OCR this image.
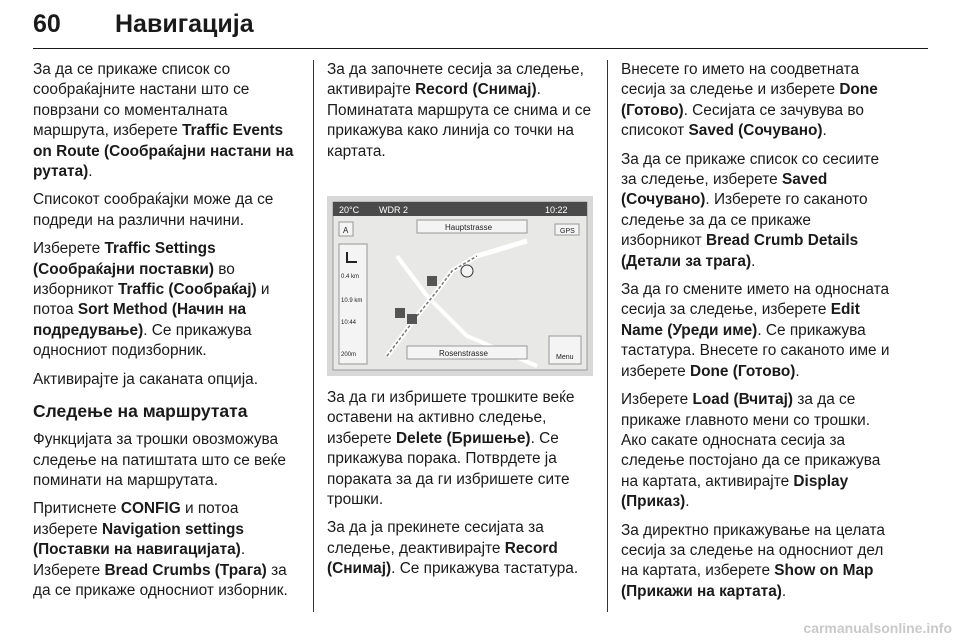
60 Навигација

За да се прикаже список со сообраќајните настани што се поврзани со моменталната маршрута, изберете Traffic Events on Route (Сообраќајни настани на рутата).

Списокот сообраќајки може да се подреди на различни начини.

Изберете Traffic Settings (Сообраќајни поставки) во изборникот Traffic (Сообраќај) и потоа Sort Method (Начин на подредување). Се прикажува односниот подизборник.

Активирајте ја саканата опција.

Следење на маршрутата

Функцијата за трошки овозможува следење на патиштата што се веќе поминати на маршрутата.

Притиснете CONFIG и потоа изберете Navigation settings (Поставки на навигацијата). Изберете Bread Crumbs (Трага) за да се прикаже односниот изборник.

За да започнете сесија за следење, активирајте Record (Снимај). Поминатата маршрута се снима и се прикажува како линија со точки на картата.

20°C WDR 2	10:22
Hauptstrasse	GPS
A
0.4 km
10.9 km
10:44
200m	Rosenstrasse	Menu

За да ги избришете трошките веќе оставени на активно следење, изберете Delete (Бришење). Се прикажува порака. Потврдете ја пораката за да ги избришете сите трошки.

За да ја прекинете сесијата за следење, деактивирајте Record (Снимај). Се прикажува тастатура.

Внесете го името на соодветната сесија за следење и изберете Done (Готово). Сесијата се зачувува во списокот Saved (Сочувано).

За да се прикаже список со сесиите за следење, изберете Saved (Сочувано). Изберете го саканото следење за да се прикаже изборникот Bread Crumb Details (Детали за трага).

За да го смените името на односната сесија за следење, изберете Edit Name (Уреди име). Се прикажува тастатура. Внесете го саканото име и изберете Done (Готово).

Изберете Load (Вчитај) за да се прикаже главното мени со трошки. Ако сакате односната сесија за следење постојано да се прикажува на картата, активирајте Display (Приказ).

За директно прикажување на целата сесија за следење на односниот дел на картата, изберете Show on Map (Прикажи на картата).

carmanualsonline.info
